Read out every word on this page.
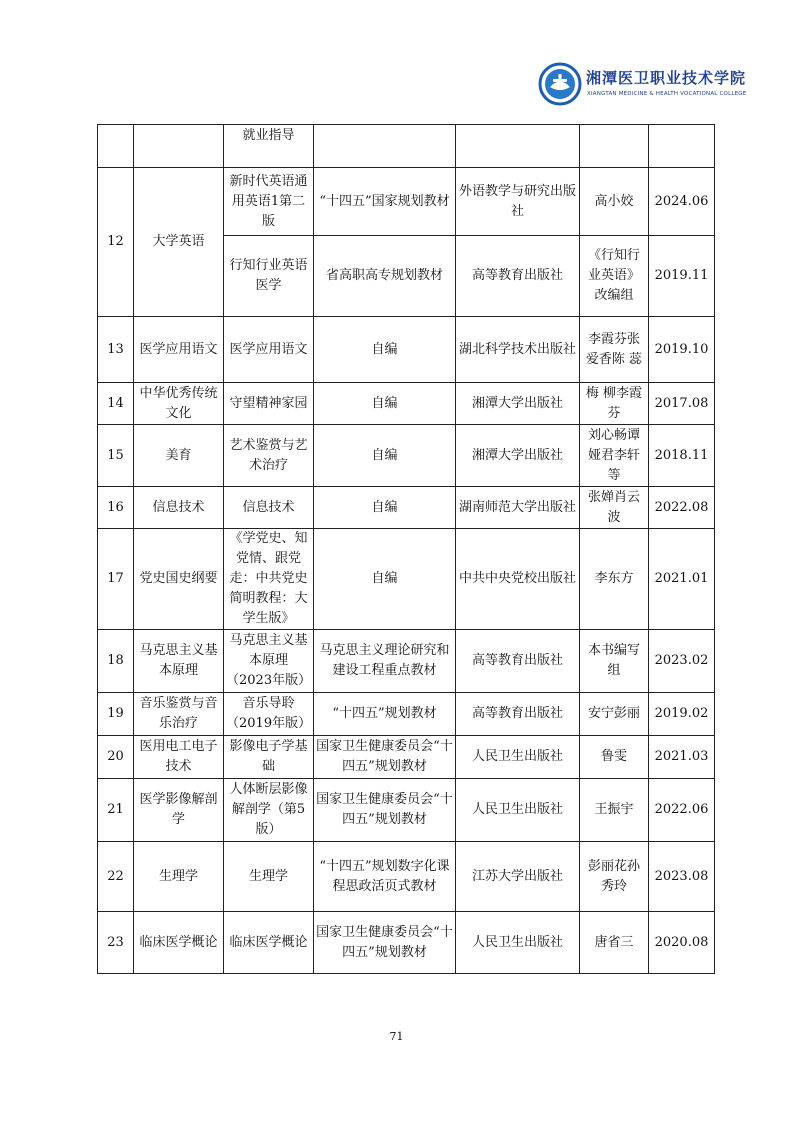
湘潭医卫职业技术学院
XIANGTAN MEDICINE & HEALTH VOCATIONAL COLLEGE
		就业指导				
12	大学英语	新时代英语通用英语1第二版	“十四五”国家规划教材	外语教学与研究出版社	高小姣	2024.06
		行知行业英语医学	省高职高专规划教材	高等教育出版社	《行知行业英语》改编组	2019.11
13	医学应用语文	医学应用语文	自编	湖北科学技术出版社	李霞芬张爱香陈 蕊	2019.10
14	中华优秀传统文化	守望精神家园	自编	湘潭大学出版社	梅 柳李霞芬	2017.08
15	美育	艺术鉴赏与艺术治疗	自编	湘潭大学出版社	刘心畅谭娅君李轩等	2018.11
16	信息技术	信息技术	自编	湖南师范大学出版社	张婵肖云波	2022.08
17	党史国史纲要	《学党史、知党情、跟党走：中共党史简明教程：大学生版》	自编	中共中央党校出版社	李东方	2021.01
18	马克思主义基本原理	马克思主义基本原理（2023年版）	马克思主义理论研究和建设工程重点教材	高等教育出版社	本书编写组	2023.02
19	音乐鉴赏与音乐治疗	音乐导聆（2019年版）	“十四五”规划教材	高等教育出版社	安宁彭丽	2019.02
20	医用电工电子技术	影像电子学基础	国家卫生健康委员会“十四五”规划教材	人民卫生出版社	鲁雯	2021.03
21	医学影像解剖学	人体断层影像解剖学（第5版）	国家卫生健康委员会“十四五”规划教材	人民卫生出版社	王振宇	2022.06
22	生理学	生理学	“十四五”规划数字化课程思政活页式教材	江苏大学出版社	彭丽花孙秀玲	2023.08
23	临床医学概论	临床医学概论	国家卫生健康委员会“十四五”规划教材	人民卫生出版社	唐省三	2020.08
71
